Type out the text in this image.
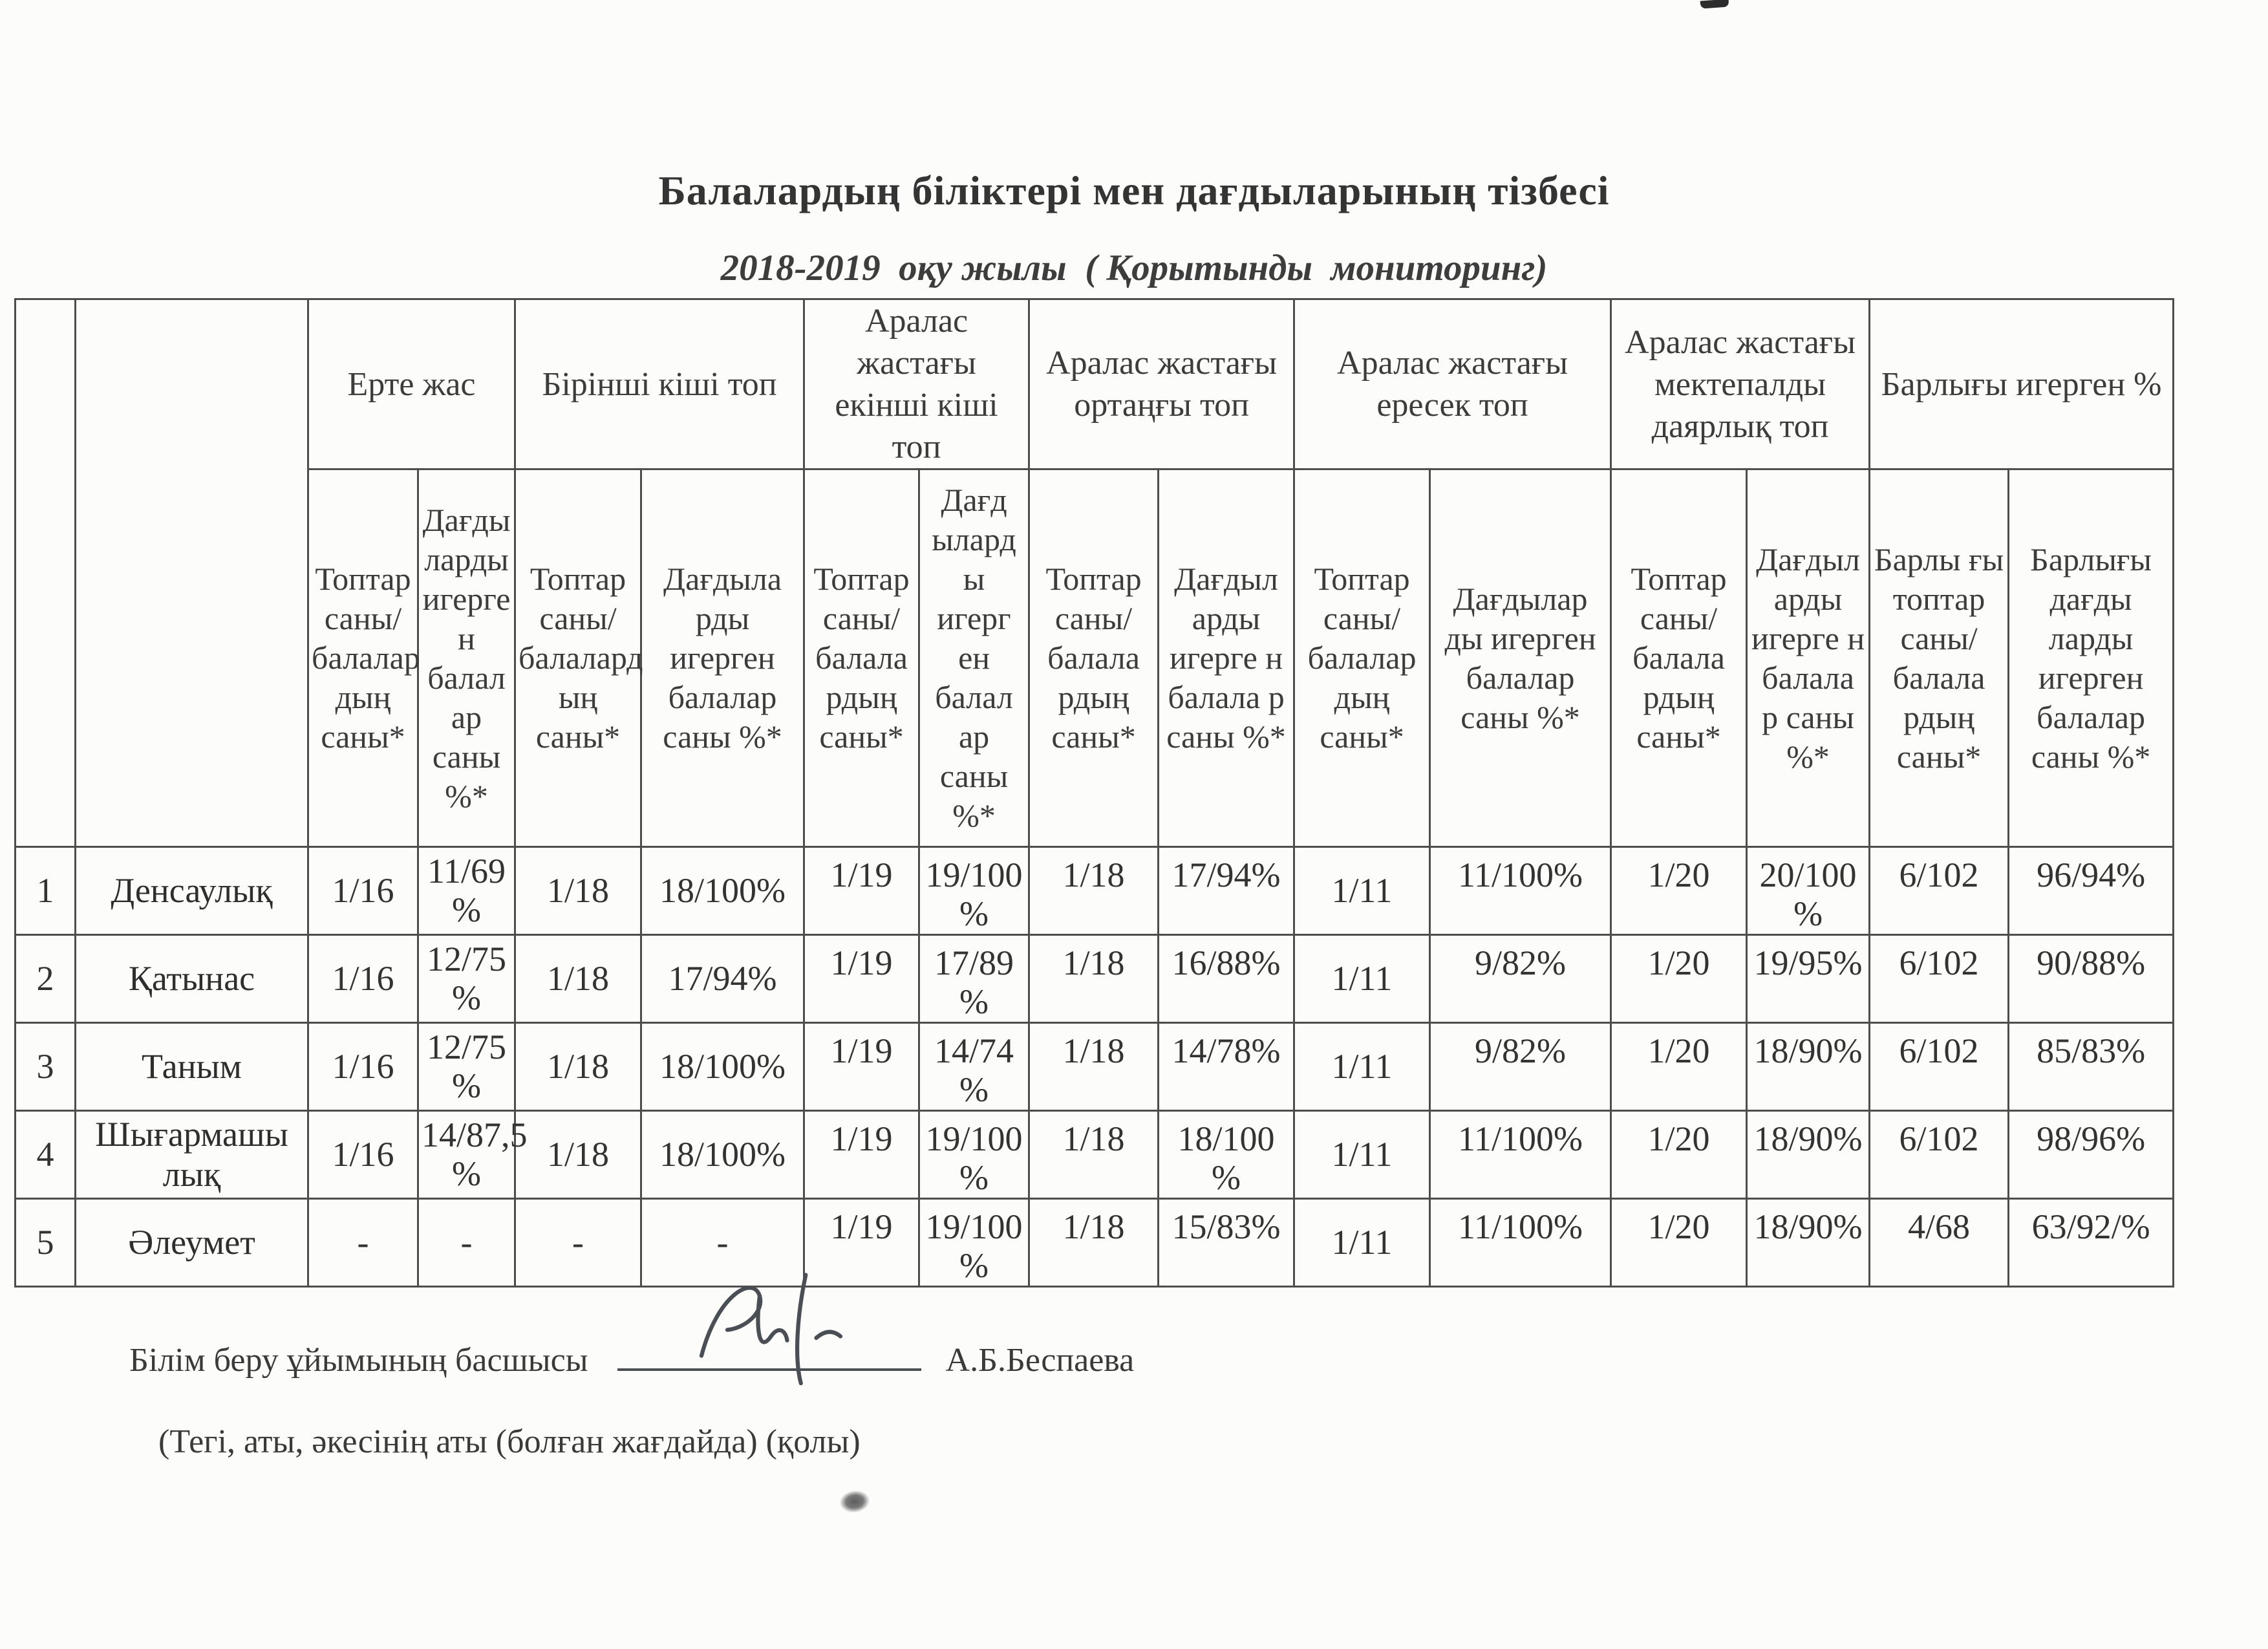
Балалардың біліктері мен дағдыларының тізбесі
2018-2019  оқу жылы  ( Қорытынды  мониторинг)
		Ерте жас		Бірінші кіші топ		Аралас жастағы екінші кіші топ		Аралас жастағы ортаңғы топ		Аралас жастағы ересек топ		Аралас жастағы мектепалды даярлық топ		Барлығы игерген %	
		Топтар саны/ балалар дың саны*	Дағды ларды игерге н балал ар саны %*	Топтар саны/ балалард ың саны*	Дағдыла рды игерген балалар саны %*	Топтар саны/ балала рдың саны*	Дағд ылард ы игерг ен балал ар саны %*	Топтар саны/ балала рдың саны*	Дағдыл арды игерге н балала р саны %*	Топтар саны/ балалар дың саны*	Дағдылар ды игерген балалар саны %*	Топтар саны/ балала рдың саны*	Дағдыл арды игерге н балала р саны %*	Барлы ғы топтар саны/ балала рдың саны*	Барлығы дағды ларды игерген балалар саны %*
1	Денсаулық	1/16	11/69 %	1/18	18/100%	1/19	19/100 %	1/18	17/94%	1/11	11/100%	1/20	20/100 %	6/102	96/94%
2	Қатынас	1/16	12/75 %	1/18	17/94%	1/19	17/89 %	1/18	16/88%	1/11	9/82%	1/20	19/95%	6/102	90/88%
3	Таным	1/16	12/75 %	1/18	18/100%	1/19	14/74 %	1/18	14/78%	1/11	9/82%	1/20	18/90%	6/102	85/83%
4	Шығармашы лық	1/16	14/87,5 %	1/18	18/100%	1/19	19/100 %	1/18	18/100 %	1/11	11/100%	1/20	18/90%	6/102	98/96%
5	Әлеумет	-	-	-	-	1/19	19/100 %	1/18	15/83%	1/11	11/100%	1/20	18/90%	4/68	63/92/%
Білім беру ұйымының басшысы	А.Б.Беспаева
(Тегі, аты, әкесінің аты (болған жағдайда) (қолы)
